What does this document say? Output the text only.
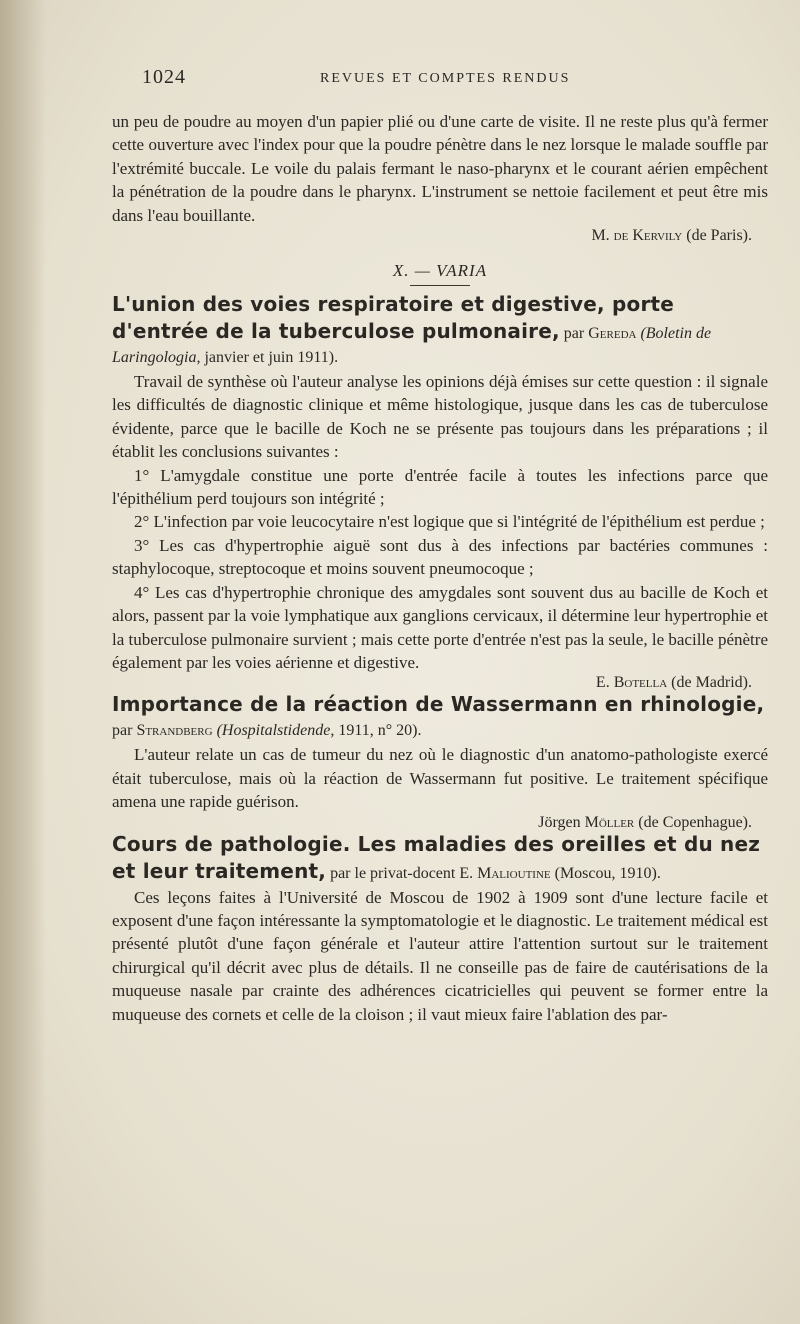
1024	REVUES ET COMPTES RENDUS

un peu de poudre au moyen d'un papier plié ou d'une carte de visite. Il ne reste plus qu'à fermer cette ouverture avec l'index pour que la poudre pénètre dans le nez lorsque le malade souffle par l'extrémité buccale. Le voile du palais fermant le naso-pharynx et le courant aérien empêchent la pénétration de la poudre dans le pharynx. L'instrument se nettoie facilement et peut être mis dans l'eau bouillante.

M. de Kervily (de Paris).
X. — VARIA
L'union des voies respiratoire et digestive, porte d'entrée de la tuberculose pulmonaire, par Gereda (Boletin de Laringologia, janvier et juin 1911).

Travail de synthèse où l'auteur analyse les opinions déjà émises sur cette question : il signale les difficultés de diagnostic clinique et même histologique, jusque dans les cas de tuberculose évidente, parce que le bacille de Koch ne se présente pas toujours dans les préparations ; il établit les conclusions suivantes :

1° L'amygdale constitue une porte d'entrée facile à toutes les infections parce que l'épithélium perd toujours son intégrité ;

2° L'infection par voie leucocytaire n'est logique que si l'intégrité de l'épithélium est perdue ;

3° Les cas d'hypertrophie aiguë sont dus à des infections par bactéries communes : staphylocoque, streptocoque et moins souvent pneumocoque ;

4° Les cas d'hypertrophie chronique des amygdales sont souvent dus au bacille de Koch et alors, passent par la voie lymphatique aux ganglions cervicaux, il détermine leur hypertrophie et la tuberculose pulmonaire survient ; mais cette porte d'entrée n'est pas la seule, le bacille pénètre également par les voies aérienne et digestive.

E. Botella (de Madrid).
Importance de la réaction de Wassermann en rhinologie, par Strandberg (Hospitalstidende, 1911, n° 20).

L'auteur relate un cas de tumeur du nez où le diagnostic d'un anatomo-pathologiste exercé était tuberculose, mais où la réaction de Wassermann fut positive. Le traitement spécifique amena une rapide guérison.

Jörgen Möller (de Copenhague).
Cours de pathologie. Les maladies des oreilles et du nez et leur traitement, par le privat-docent E. Malioutine (Moscou, 1910).

Ces leçons faites à l'Université de Moscou de 1902 à 1909 sont d'une lecture facile et exposent d'une façon intéressante la symptomatologie et le diagnostic. Le traitement médical est présenté plutôt d'une façon générale et l'auteur attire l'attention surtout sur le traitement chirurgical qu'il décrit avec plus de détails. Il ne conseille pas de faire de cautérisations de la muqueuse nasale par crainte des adhérences cicatricielles qui peuvent se former entre la muqueuse des cornets et celle de la cloison ; il vaut mieux faire l'ablation des par-
